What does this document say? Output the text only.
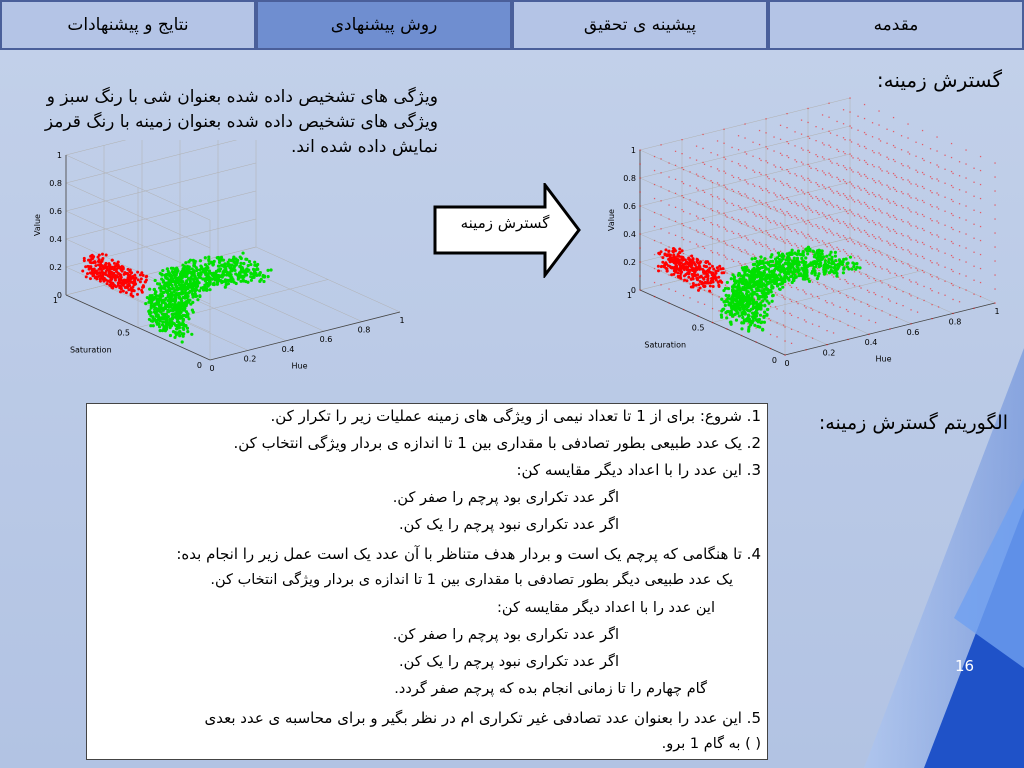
16
نتایج و پیشنهادات	روش پیشنهادی	پیشینه ی تحقیق	مقدمه
گسترش زمینه:
0
0.2
0.4
0.6
0.8
1
0
0.2
0.4
0.6
0.8
1
0
0.5
1
Hue
Saturation
Value
0
0.2
0.4
0.6
0.8
1
0
0.2
0.4
0.6
0.8
1
0
0.5
1
Hue
Saturation
Value
ویژگی های تشخیص داده شده بعنوان شی با رنگ سبز و ویژگی های تشخیص داده شده بعنوان زمینه با رنگ قرمز نمایش داده شده اند.
گسترش زمینه
الگوریتم گسترش زمینه:
1. شروع: برای از 1 تا تعداد نیمی از ویژگی های زمینه عملیات زیر را تکرار کن.
2. یک عدد طبیعی بطور تصادفی با مقداری بین 1 تا اندازه ی بردار ویژگی انتخاب کن.
3. این عدد را با اعداد دیگر مقایسه کن:
اگر عدد تکراری بود پرچم را صفر کن.
اگر عدد تکراری نبود پرچم را یک کن.
4. تا هنگامی که پرچم یک است و بردار هدف متناظر با آن عدد یک است عمل زیر را انجام بده:
یک عدد طبیعی دیگر بطور تصادفی با مقداری بین 1 تا اندازه ی بردار ویژگی انتخاب کن.
این عدد را با اعداد دیگر مقایسه کن:
اگر عدد تکراری بود پرچم را صفر کن.
اگر عدد تکراری نبود پرچم را یک کن.
گام چهارم را تا زمانی انجام بده که پرچم صفر گردد.
5. این عدد را بعنوان عدد تصادفی غیر تکراری ام در نظر بگیر و برای محاسبه ی عدد بعدی
( ) به گام 1 برو.
